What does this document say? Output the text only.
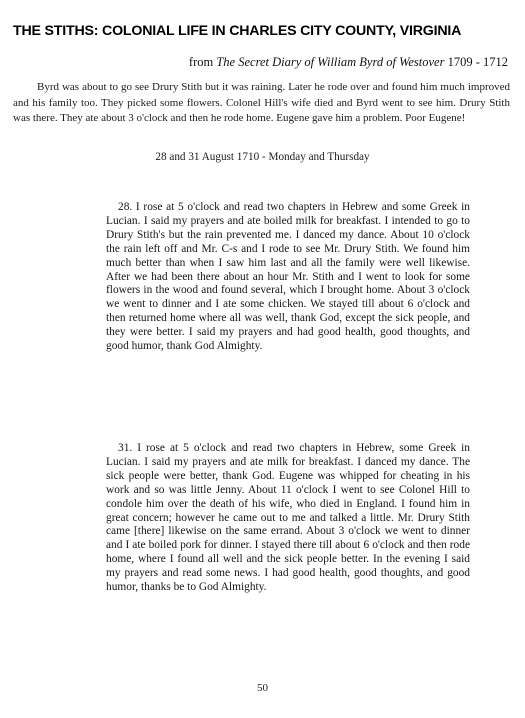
THE STITHS: COLONIAL LIFE IN CHARLES CITY COUNTY, VIRGINIA
from The Secret Diary of William Byrd of Westover 1709 - 1712

Byrd was about to go see Drury Stith but it was raining. Later he rode over and found him much improved and his family too. They picked some flowers. Colonel Hill's wife died and Byrd went to see him. Drury Stith was there. They ate about 3 o'clock and then he rode home. Eugene gave him a problem. Poor Eugene!

28 and 31 August 1710 - Monday and Thursday

28. I rose at 5 o'clock and read two chapters in Hebrew and some Greek in Lucian. I said my prayers and ate boiled milk for breakfast. I intended to go to Drury Stith's but the rain prevented me. I danced my dance. About 10 o'clock the rain left off and Mr. C-s and I rode to see Mr. Drury Stith. We found him much better than when I saw him last and all the family were well likewise. After we had been there about an hour Mr. Stith and I went to look for some flowers in the wood and found several, which I brought home. About 3 o'clock we went to dinner and I ate some chicken. We stayed till about 6 o'clock and then returned home where all was well, thank God, except the sick people, and they were better. I said my prayers and had good health, good thoughts, and good humor, thank God Almighty.

31. I rose at 5 o'clock and read two chapters in Hebrew, some Greek in Lucian. I said my prayers and ate milk for breakfast. I danced my dance. The sick people were better, thank God. Eugene was whipped for cheating in his work and so was little Jenny. About 11 o'clock I went to see Colonel Hill to condole him over the death of his wife, who died in England. I found him in great concern; however he came out to me and talked a little. Mr. Drury Stith came [there] likewise on the same errand. About 3 o'clock we went to dinner and I ate boiled pork for dinner. I stayed there till about 6 o'clock and then rode home, where I found all well and the sick people better. In the evening I said my prayers and read some news. I had good health, good thoughts, and good humor, thanks be to God Almighty.

50
